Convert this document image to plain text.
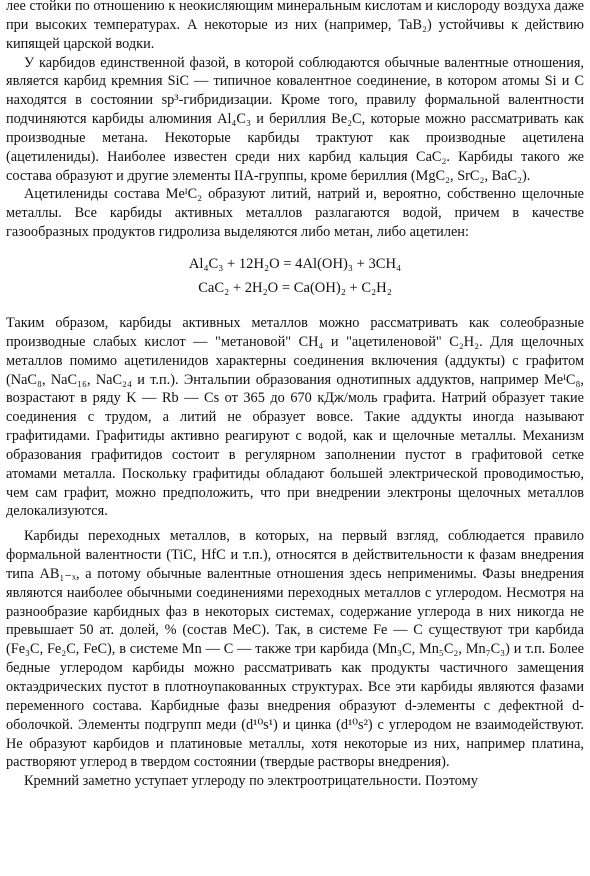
лее стойки по отношению к неокисляющим минеральным кислотам и кислороду воздуха даже при высоких температурах. А некоторые из них (например, TaB₂) устойчивы к действию кипящей царской водки.

У карбидов единственной фазой, в которой соблюдаются обычные валентные отношения, является карбид кремния SiC — типичное ковалентное соединение, в котором атомы Si и C находятся в состоянии sp³-гибридизации. Кроме того, правилу формальной валентности подчиняются карбиды алюминия Al₄C₃ и бериллия Be₂C, которые можно рассматривать как производные метана. Некоторые карбиды трактуют как производные ацетилена (ацетилениды). Наиболее известен среди них карбид кальция CaC₂. Карбиды такого же состава образуют и другие элементы IIA-группы, кроме бериллия (MgC₂, SrC₂, BaC₂).

Ацетилениды состава MeᴵC₂ образуют литий, натрий и, вероятно, собственно щелочные металлы. Все карбиды активных металлов разлагаются водой, причем в качестве газообразных продуктов гидролиза выделяются либо метан, либо ацетилен:

Al₄C₃ + 12H₂O = 4Al(OH)₃ + 3CH₄
CaC₂ + 2H₂O = Ca(OH)₂ + C₂H₂

Таким образом, карбиды активных металлов можно рассматривать как солеобразные производные слабых кислот — "метановой" CH₄ и "ацетиленовой" C₂H₂. Для щелочных металлов помимо ацетиленидов характерны соединения включения (аддукты) с графитом (NaC₈, NaC₁₆, NaC₂₄ и т.п.). Энтальпии образования однотипных аддуктов, например MeᴵC₈, возрастают в ряду K — Rb — Cs от 365 до 670 кДж/моль графита. Натрий образует такие соединения с трудом, а литий не образует вовсе. Такие аддукты иногда называют графитидами. Графитиды активно реагируют с водой, как и щелочные металлы. Механизм образования графитидов состоит в регулярном заполнении пустот в графитовой сетке атомами металла. Поскольку графитиды обладают большей электрической проводимостью, чем сам графит, можно предположить, что при внедрении электроны щелочных металлов делокализуются.

Карбиды переходных металлов, в которых, на первый взгляд, соблюдается правило формальной валентности (TiC, HfC и т.п.), относятся в действительности к фазам внедрения типа AB₁₋ₓ, а потому обычные валентные отношения здесь неприменимы. Фазы внедрения являются наиболее обычными соединениями переходных металлов с углеродом. Несмотря на разнообразие карбидных фаз в некоторых системах, содержание углерода в них никогда не превышает 50 ат. долей, % (состав MeC). Так, в системе Fe — C существуют три карбида (Fe₃C, Fe₂C, FeC), в системе Mn — C — также три карбида (Mn₃C, Mn₅C₂, Mn₇C₃) и т.п. Более бедные углеродом карбиды можно рассматривать как продукты частичного замещения октаэдрических пустот в плотноупакованных структурах. Все эти карбиды являются фазами переменного состава. Карбидные фазы внедрения образуют d-элементы с дефектной d-оболочкой. Элементы подгрупп меди (d¹⁰s¹) и цинка (d¹⁰s²) с углеродом не взаимодействуют. Не образуют карбидов и платиновые металлы, хотя некоторые из них, например платина, растворяют углерод в твердом состоянии (твердые растворы внедрения).

Кремний заметно уступает углероду по электроотрицательности. Поэтому
